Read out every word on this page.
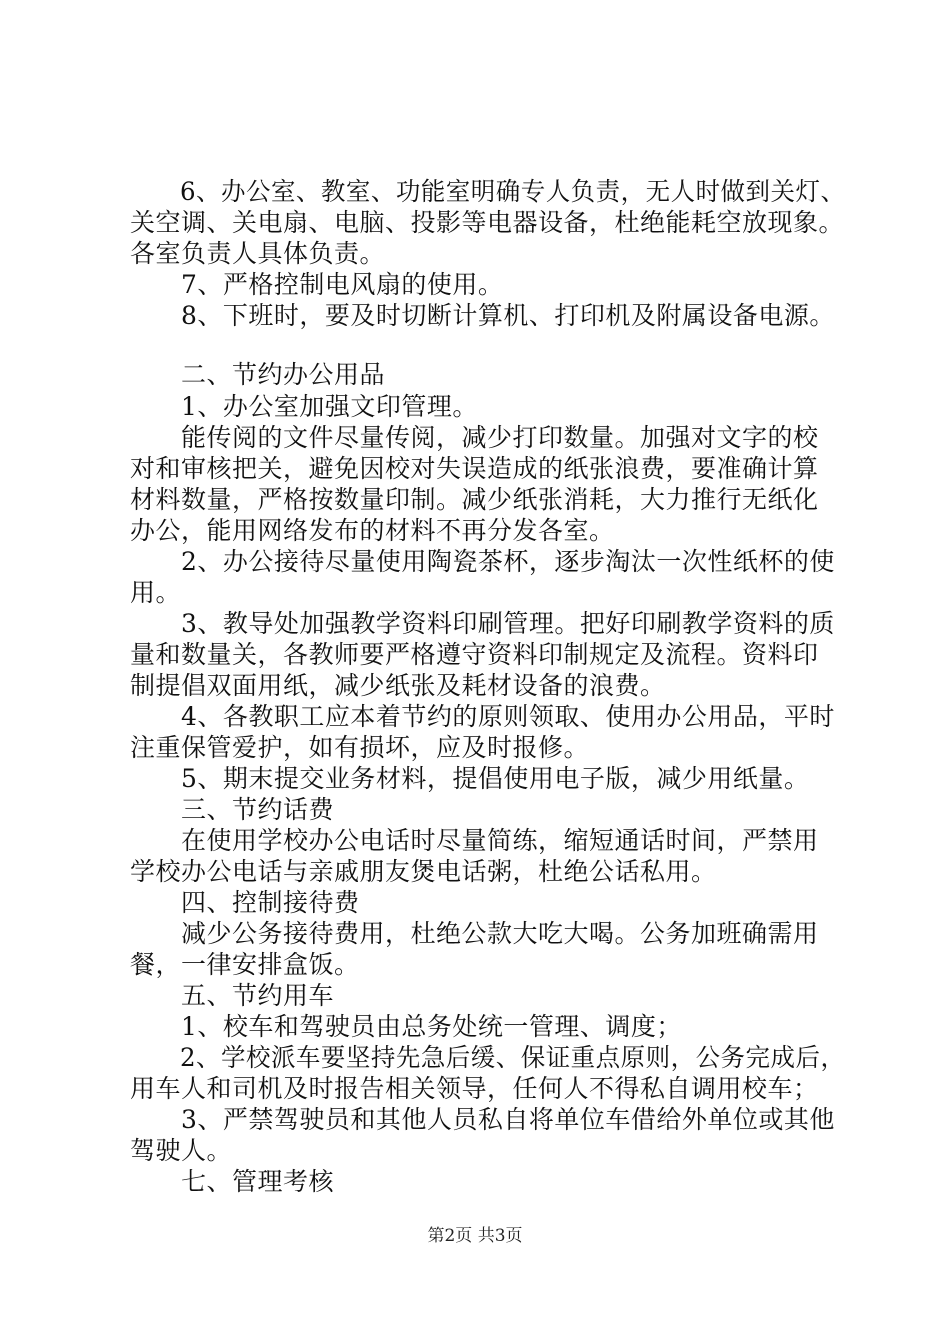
　　6、办公室、教室、功能室明确专人负责，无人时做到关灯、
关空调、关电扇、电脑、投影等电器设备，杜绝能耗空放现象。
各室负责人具体负责。
　　7、严格控制电风扇的使用。
　　8、下班时，要及时切断计算机、打印机及附属设备电源。
　　二、节约办公用品
　　1、办公室加强文印管理。
　　能传阅的文件尽量传阅，减少打印数量。加强对文字的校
对和审核把关，避免因校对失误造成的纸张浪费，要准确计算
材料数量，严格按数量印制。减少纸张消耗，大力推行无纸化
办公，能用网络发布的材料不再分发各室。
　　2、办公接待尽量使用陶瓷茶杯，逐步淘汰一次性纸杯的使
用。
　　3、教导处加强教学资料印刷管理。把好印刷教学资料的质
量和数量关，各教师要严格遵守资料印制规定及流程。资料印
制提倡双面用纸，减少纸张及耗材设备的浪费。
　　4、各教职工应本着节约的原则领取、使用办公用品，平时
注重保管爱护，如有损坏，应及时报修。
　　5、期末提交业务材料，提倡使用电子版，减少用纸量。
　　三、节约话费
　　在使用学校办公电话时尽量简练，缩短通话时间，严禁用
学校办公电话与亲戚朋友煲电话粥，杜绝公话私用。
　　四、控制接待费
　　减少公务接待费用，杜绝公款大吃大喝。公务加班确需用
餐，一律安排盒饭。
　　五、节约用车
　　1、校车和驾驶员由总务处统一管理、调度；
　　2、学校派车要坚持先急后缓、保证重点原则，公务完成后，
用车人和司机及时报告相关领导，任何人不得私自调用校车；
　　3、严禁驾驶员和其他人员私自将单位车借给外单位或其他
驾驶人。
　　七、管理考核
第2页 共3页
